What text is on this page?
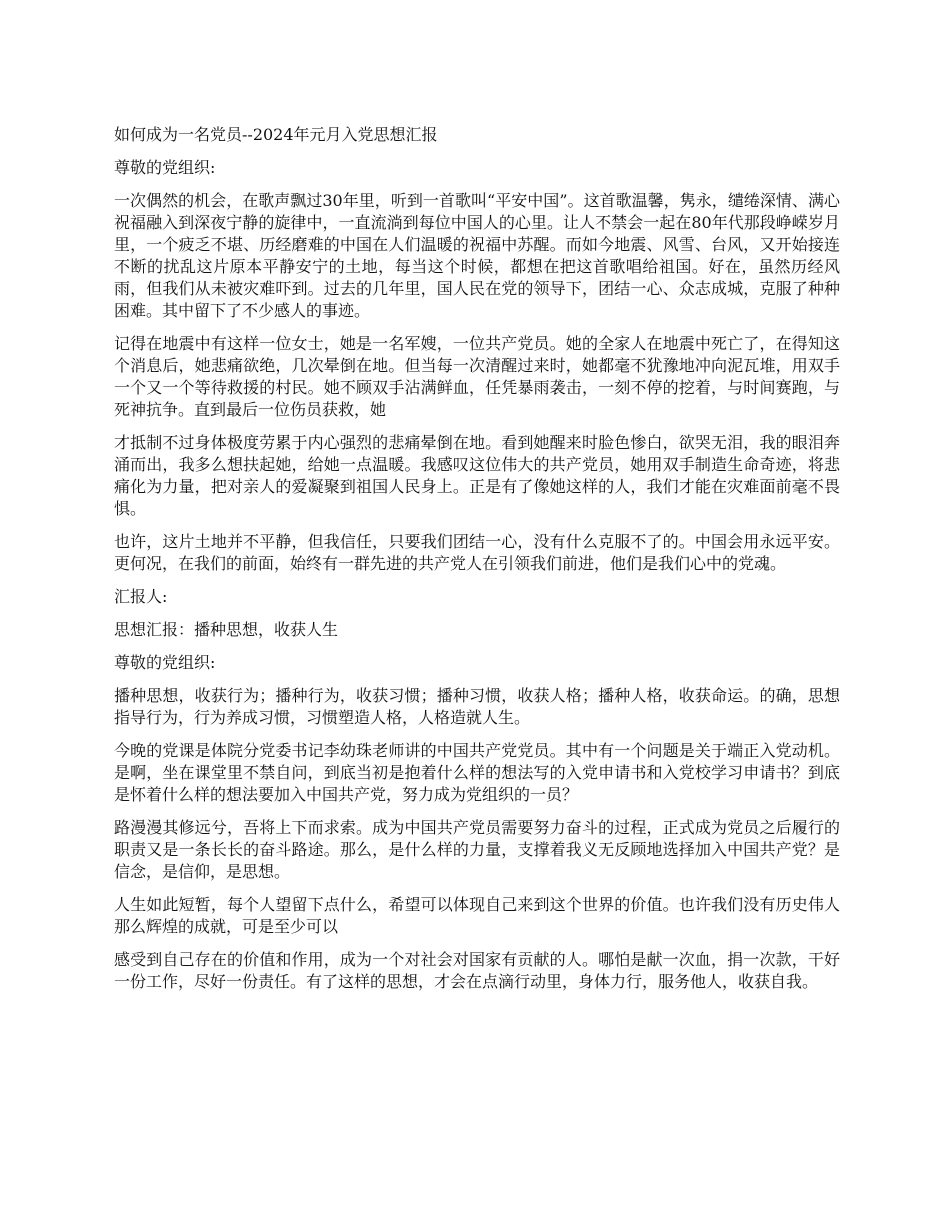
如何成为一名党员--2024年元月入党思想汇报

尊敬的党组织:

一次偶然的机会，在歌声飘过30年里，听到一首歌叫“平安中国”。这首歌温馨，隽永，缱绻深情、满心祝福融入到深夜宁静的旋律中，一直流淌到每位中国人的心里。让人不禁会一起在80年代那段峥嵘岁月里，一个疲乏不堪、历经磨难的中国在人们温暖的祝福中苏醒。而如今地震、风雪、台风，又开始接连不断的扰乱这片原本平静安宁的土地，每当这个时候，都想在把这首歌唱给祖国。好在，虽然历经风雨，但我们从未被灾难吓到。过去的几年里，国人民在党的领导下，团结一心、众志成城，克服了种种困难。其中留下了不少感人的事迹。

记得在地震中有这样一位女士，她是一名军嫂，一位共产党员。她的全家人在地震中死亡了，在得知这个消息后，她悲痛欲绝，几次晕倒在地。但当每一次清醒过来时，她都毫不犹豫地冲向泥瓦堆，用双手一个又一个等待救援的村民。她不顾双手沾满鲜血，任凭暴雨袭击，一刻不停的挖着，与时间赛跑，与死神抗争。直到最后一位伤员获救，她

才抵制不过身体极度劳累于内心强烈的悲痛晕倒在地。看到她醒来时脸色惨白，欲哭无泪，我的眼泪奔涌而出，我多么想扶起她，给她一点温暖。我感叹这位伟大的共产党员，她用双手制造生命奇迹，将悲痛化为力量，把对亲人的爱凝聚到祖国人民身上。正是有了像她这样的人，我们才能在灾难面前毫不畏惧。

也许，这片土地并不平静，但我信任，只要我们团结一心，没有什么克服不了的。中国会用永远平安。更何况，在我们的前面，始终有一群先进的共产党人在引领我们前进，他们是我们心中的党魂。

汇报人:

思想汇报：播种思想，收获人生

尊敬的党组织:

播种思想，收获行为；播种行为，收获习惯；播种习惯，收获人格；播种人格，收获命运。的确，思想指导行为，行为养成习惯，习惯塑造人格，人格造就人生。

今晚的党课是体院分党委书记李幼珠老师讲的中国共产党党员。其中有一个问题是关于端正入党动机。是啊，坐在课堂里不禁自问，到底当初是抱着什么样的想法写的入党申请书和入党校学习申请书？到底是怀着什么样的想法要加入中国共产党，努力成为党组织的一员？

路漫漫其修远兮，吾将上下而求索。成为中国共产党员需要努力奋斗的过程，正式成为党员之后履行的职责又是一条长长的奋斗路途。那么，是什么样的力量，支撑着我义无反顾地选择加入中国共产党？是信念，是信仰，是思想。

人生如此短暂，每个人望留下点什么，希望可以体现自己来到这个世界的价值。也许我们没有历史伟人那么辉煌的成就，可是至少可以

感受到自己存在的价值和作用，成为一个对社会对国家有贡献的人。哪怕是献一次血，捐一次款，干好一份工作，尽好一份责任。有了这样的思想，才会在点滴行动里，身体力行，服务他人，收获自我。
